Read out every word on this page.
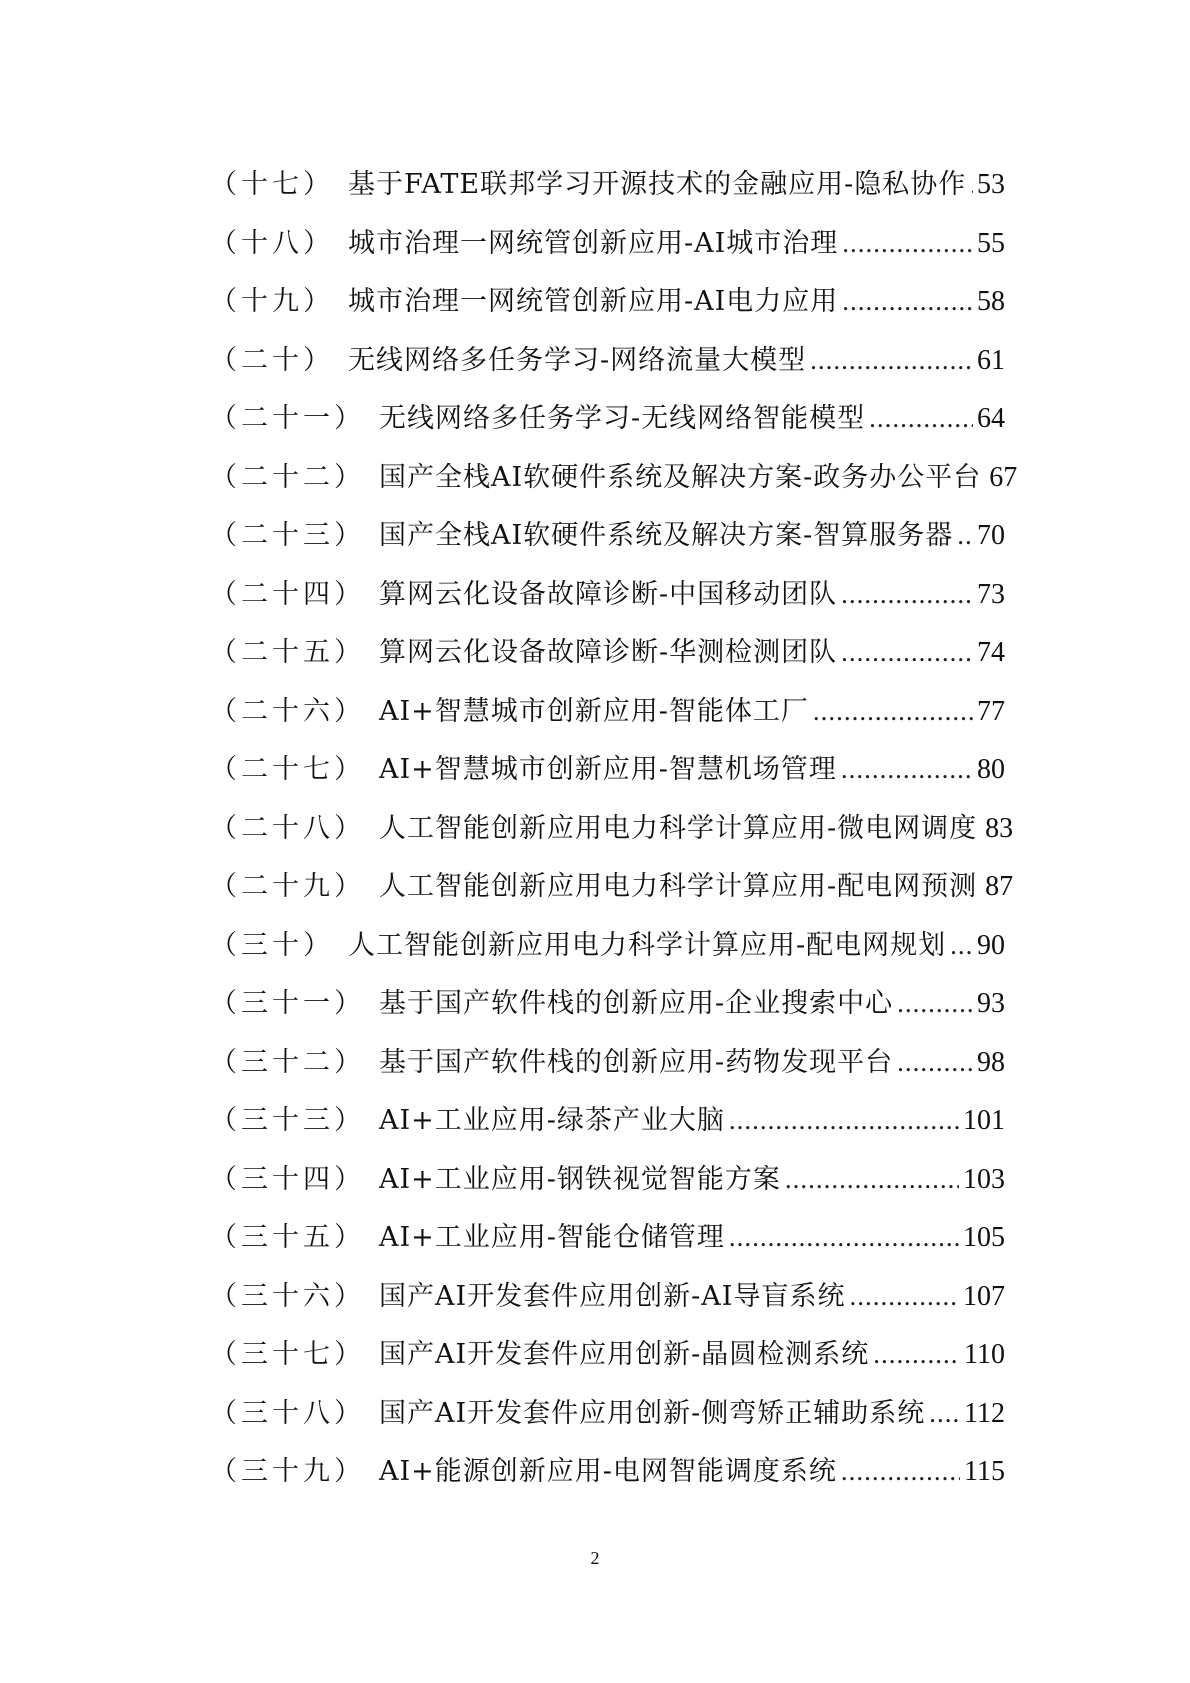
（十七） 基于FATE联邦学习开源技术的金融应用-隐私协作 ..... 53
（十八） 城市治理一网统管创新应用-AI城市治理 .....	55
（十九） 城市治理一网统管创新应用-AI电力应用 .....	58
（二十） 无线网络多任务学习-网络流量大模型 .....	61
（二十一） 无线网络多任务学习-无线网络智能模型 .....	64
（二十二） 国产全栈AI软硬件系统及解决方案-政务办公平台 67
（二十三） 国产全栈AI软硬件系统及解决方案-智算服务器 ..... 70
（二十四） 算网云化设备故障诊断-中国移动团队 .....	73
（二十五） 算网云化设备故障诊断-华测检测团队 .....	74
（二十六） AI+智慧城市创新应用-智能体工厂 .....	77
（二十七） AI+智慧城市创新应用-智慧机场管理 .....	80
（二十八） 人工智能创新应用电力科学计算应用-微电网调度 83
（二十九） 人工智能创新应用电力科学计算应用-配电网预测 87
（三十） 人工智能创新应用电力科学计算应用-配电网规划 ..... 90
（三十一） 基于国产软件栈的创新应用-企业搜索中心 .....	93
（三十二） 基于国产软件栈的创新应用-药物发现平台 .....	98
（三十三） AI+工业应用-绿茶产业大脑 .....	101
（三十四） AI+工业应用-钢铁视觉智能方案 .....	103
（三十五） AI+工业应用-智能仓储管理 .....	105
（三十六） 国产AI开发套件应用创新-AI导盲系统 .....	107
（三十七） 国产AI开发套件应用创新-晶圆检测系统 .....	110
（三十八） 国产AI开发套件应用创新-侧弯矫正辅助系统 ..... 112
（三十九） AI+能源创新应用-电网智能调度系统 .....	115
2
